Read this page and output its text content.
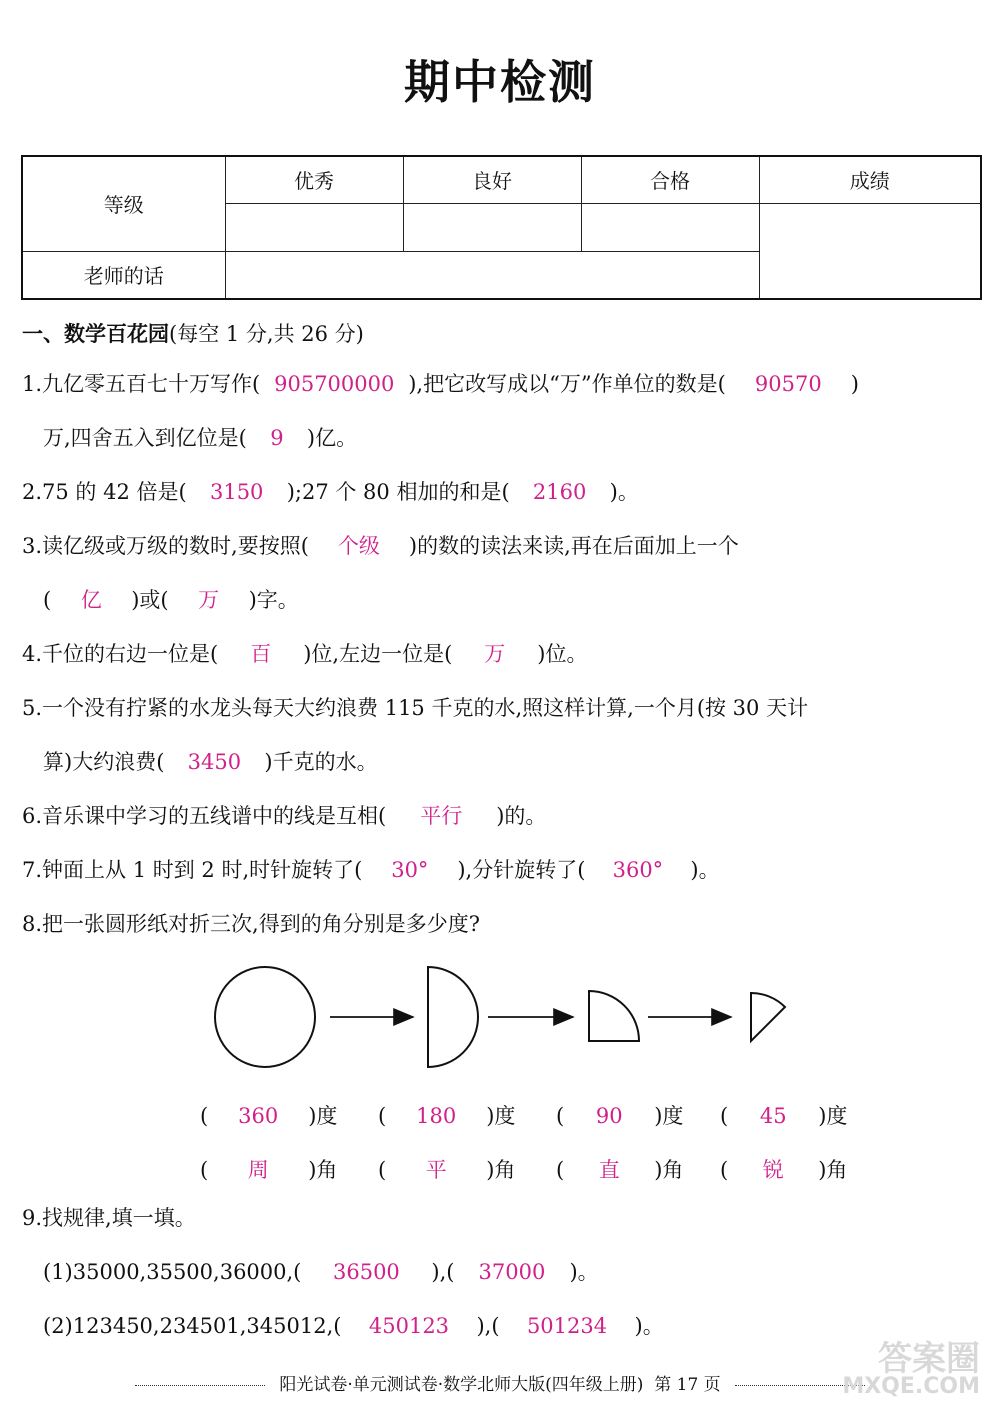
期中检测
等级	优秀	良好	合格	成绩

老师的话				
一、数学百花园(每空 1 分,共 26 分)
1.九亿零五百七十万写作( 905700000 ),把它改写成以“万”作单位的数是( 90570 )
万,四舍五入到亿位是( 9 )亿。
2.75 的 42 倍是( 3150 );27 个 80 相加的和是( 2160 )。
3.读亿级或万级的数时,要按照( 个级 )的数的读法来读,再在后面加上一个
( 亿 )或( 万 )字。
4.千位的右边一位是( 百 )位,左边一位是( 万 )位。
5.一个没有拧紧的水龙头每天大约浪费 115 千克的水,照这样计算,一个月(按 30 天计
算)大约浪费( 3450 )千克的水。
6.音乐课中学习的五线谱中的线是互相( 平行 )的。
7.钟面上从 1 时到 2 时,时针旋转了( 30° ),分针旋转了( 360° )。
8.把一张圆形纸对折三次,得到的角分别是多少度?
( 360 )度 ( 180 )度 ( 90 )度 ( 45 )度
( 周 )角 ( 平 )角 ( 直 )角 ( 锐 )角
9.找规律,填一填。
(1)35000,35500,36000,( 36500 ),( 37000 )。
(2)123450,234501,345012,( 450123 ),( 501234 )。
阳光试卷·单元测试卷·数学北师大版(四年级上册) 第 17 页
答案圈
MXQE.COM
